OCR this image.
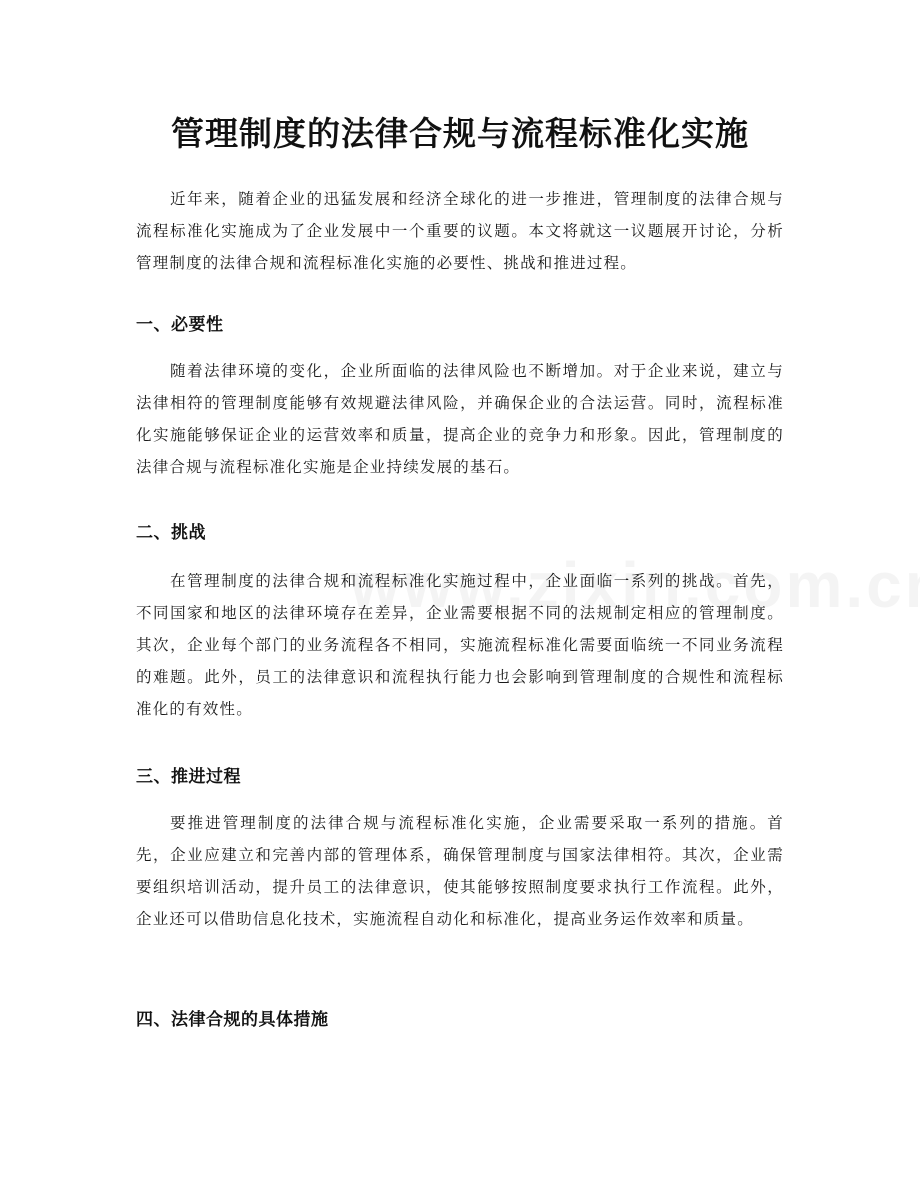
管理制度的法律合规与流程标准化实施

近年来，随着企业的迅猛发展和经济全球化的进一步推进，管理制度的法律合规与流程标准化实施成为了企业发展中一个重要的议题。本文将就这一议题展开讨论，分析管理制度的法律合规和流程标准化实施的必要性、挑战和推进过程。

一、必要性

随着法律环境的变化，企业所面临的法律风险也不断增加。对于企业来说，建立与法律相符的管理制度能够有效规避法律风险，并确保企业的合法运营。同时，流程标准化实施能够保证企业的运营效率和质量，提高企业的竞争力和形象。因此，管理制度的法律合规与流程标准化实施是企业持续发展的基石。

二、挑战

在管理制度的法律合规和流程标准化实施过程中，企业面临一系列的挑战。首先，不同国家和地区的法律环境存在差异，企业需要根据不同的法规制定相应的管理制度。其次，企业每个部门的业务流程各不相同，实施流程标准化需要面临统一不同业务流程的难题。此外，员工的法律意识和流程执行能力也会影响到管理制度的合规性和流程标准化的有效性。

三、推进过程

要推进管理制度的法律合规与流程标准化实施，企业需要采取一系列的措施。首先，企业应建立和完善内部的管理体系，确保管理制度与国家法律相符。其次，企业需要组织培训活动，提升员工的法律意识，使其能够按照制度要求执行工作流程。此外，企业还可以借助信息化技术，实施流程自动化和标准化，提高业务运作效率和质量。

四、法律合规的具体措施
